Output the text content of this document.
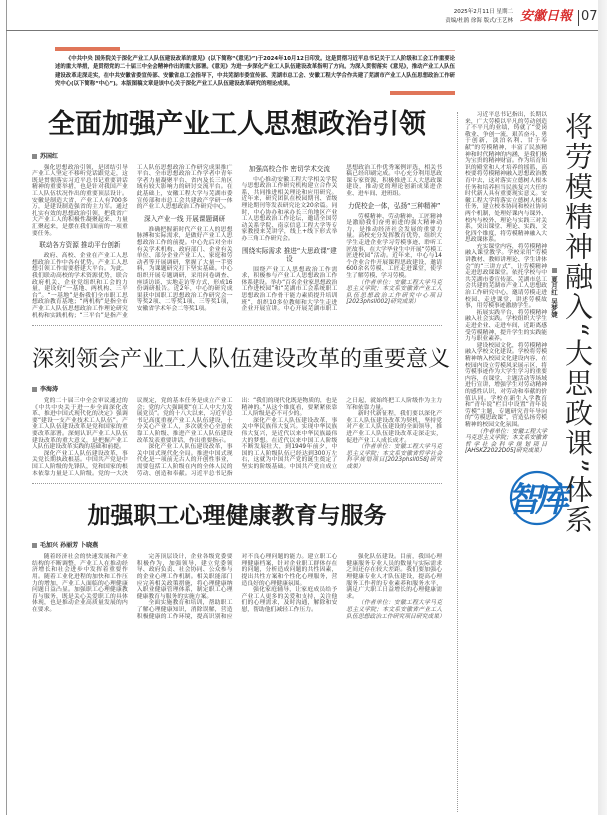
2025年2月11日 星期二
责编/杜鹃 徐海 版式/王艺林 安徽日報 07
《中共中央 国务院关于深化产业工人队伍建设改革的意见》(以下简称“《意见》”)于2024年10月12日印发。这是贯彻习近平总书记关于工人阶级和工会工作重要论述的重大举措，是贯彻党的二十届三中全会精神作出的重大部署。《意见》为进一步深化产业工人队伍建设改革指明了方向。为深入贯彻落实《意见》，推动产业工人队伍建设改革走深走实，在中共安徽省委宣传部、安徽省总工会指导下，中共芜湖市委宣传部、芜湖市总工会、安徽工程大学合作共建了芜湖市产业工人队伍思想政治工作研究中心(以下简称“中心”)。本版图稿文章是该中心关于深化产业工人队伍建设改革研究的理论成果。
全面加强产业工人思想政治引领
苏国红

强化思想政治引领，是团结引导产业工人坚定不移听党话跟党走，这既是贯彻落实习近平总书记重要讲话精神的重要举措，也是针对我国产业工人队伍状况作出的重要顶层设计。安徽是制造大省，产业工人有700多万，是建设制造强省的主力军。通过扎实有效的思想政治引领，把我省广大产业工人的积极性凝聚起来、力量汇聚起来，是摆在我们面前的一项重要任务。

联动各方资源 推动平台创新

政府、高校、企业在产业工人思想政治工作中各有优势。产业工人思想引领工作需要搭建大平台。为此，我们联动高校的学术资源优势，联合政府机关、企业党组织和工会的力量，建设好“一基地、两机构、三平台”。“一基地”是指我们全市职工思想政治教育基地；“两机构”是指全市产业工人队伍思想政治工作理论研究机构和实践机构；“三平台”是指产业工人队伍思想政治工作研究成果推广平台、全市思想政治工作学者中青年学者力量凝聚平台、省内及长三角区域有较大影响力的研讨交流平台。在此基础上，安徽工程大学与芜湖市委宣传部和市总工会共建政产学研一体的产业工人思想政治工作研究中心。

深入产业一线 开展课题调研

准确把握新时代产业工人的思想脉搏和实际需求，是做好产业工人思想政治工作的前提。中心先后对全市有关学术机构、政府部门、企业有关单位、部分企业产业工人、家庭和劳动者等开展调研，掌握了大量一手资料，为课题研究打下坚实基础。中心组织开展专题调研，采用问卷调查、座谈访谈、实地走访等方式，形成16份调研报告。近2年，中心的研究成果获中国职工思想政治工作研究会一等奖2项、二等奖1项、三等奖1项，安徽省学术年会二等奖1项。

加强高校合作 密切学术交流

中心推动安徽工程大学相关学院与思想政治工作研究机构建立合作关系，共同推进相关理论和应用研究。近年来，研究团队在校园期刊、省级理论期刊等发表研究论文20余篇。同时，中心协办和承办长三角地区产业工人思想政治工作论坛，邀请全国劳动关系学院、南京信息工程大学等专家教授来芜讲学，线上+线下形式举办三角工作研究会。

围绕实际需求 推进“大思政课”建设

围绕产业工人思想政治工作需求，积极参与产业工人思想政治工作体系建设。举办“百名企业家思想政治工作进校园”和“芜湖市工会系统职工思想政治工作骨干能力素质提升培训班”，组织10多位教师和大学生走进企业开展宣讲。中心开展芜湖市职工思想政治工作优秀案例评选，相关书稿已经印刷完成。中心充分利用思政课专家资源，积极推进工人大思政课建设，推动党的理论创新成果进企业、进车间、进班组。

力促校企一体，弘扬“三种精神”

劳模精神、劳动精神、工匠精神是激励我们奋勇前进的强大精神动力，是推动经济社会发展的重要力量。高校充分发挥教育优势，组织大学生走进企业学习劳模事迹、聆听工匠故事，在大学毕业生中开展“劳模工匠进校园”活动。近年来，中心与14个企业合作开展课程思政建设，邀请600余名劳模、工匠走进课堂，使学生了解劳模、学习劳模。

（作者单位：安徽工程大学马克思主义学院；本文系安徽省产业工人队伍思想政治工作研究中心项目[2023phsll002]研究成果）

深刻领会产业工人队伍建设改革的重要意义
李海涛

党的二十届三中全会审议通过的《中共中央关于进一步全面深化改革、推进中国式现代化的决定》强调要“建设一支产业技术工人队伍”。产业工人队伍建设改革是党和国家的重要改革部署。深刻认识产业工人队伍建设改革的重大意义，是把握产业工人队伍建设改革实践的基础和前提。

深化产业工人队伍建设改革，事关党长期执政根基。中国共产党是中国工人阶级的先锋队，党和国家的根本依靠力量是工人阶级。党的一大决议规定，党的基本任务是成立产业工会；党的六大强调要“在工人中大力发展党员”。党的十八大以来，习近平总书记高度重视产业工人队伍建设，十分关心产业工人，多次就全心全意依靠工人阶级、推进产业工人队伍建设改革发表重要讲话，作出重要指示。

深化产业工人队伍建设改革，事关中国式现代化全局。推进中国式现代化是一项前无古人的开创性事业，需要包括工人阶级在内的全体人民的劳动、创造和奉献。习近平总书记指出：“我们的现代化既是物质的，也是精神的。”从这个维度看，要紧紧依靠工人阶级是必不可少的。

深化产业工人队伍建设改革，事关中华民族伟大复兴。实现中华民族伟大复兴，是近代以来中华民族最伟大的梦想。在近代以来中国工人阶级不断发展壮大，到1949年前夕，中国的工人阶级队伍已经达到300万左右，这就为中国共产党的诞生奠定了坚实的阶级基础。中国共产党自成立之日起，就始终把工人阶级作为主力军和依靠力量。

新时代新征程，我们要以深化产业工人队伍建设改革为契机，坚持党对产业工人队伍建设的全面领导，推进产业工人队伍建设改革走深走实，促进产业工人成长成才。

（作者单位：安徽工程大学马克思主义学院；本文系安徽省哲学社会科学规划项目[2023phsll058]研究成果）

加强职工心理健康教育与服务
毛加兴 孙丽芳 卜晓燕

随着经济社会的快速发展和产业结构的不断调整，产业工人在推动经济增长和社会进步中发挥着重要作用。随着工业化进程的加快和工作压力的增加，产业工人面临的心理健康问题日益凸显。加强职工心理健康教育与服务，既是关心关爱职工的具体体现，也是推动企业高质量发展的内在要求。

完善顶层设计，企业各级党委要积极作为，加强领导，建立党委领导、政府负责、社会协同、公众参与的企业心理工作机制。相关职能部门应完善相关政策措施，将心理健康纳入职业健康管理体系，制定职工心理健康教育与服务的实施方案。

全面实施教育和培训，帮助职工了解心理健康知识，消除误解，营造积极健康的工作环境，提高识别和应对不良心理问题的能力。建立职工心理健康档案，针对企业职工群体存在的问题，分析造成问题的共性因素，提出共性方案和个性化心理服务，营造良好的心理健康氛围。

强化家庭辅导，让家庭成员给予产业工人更多的关爱和支持，关注他们的心理需求，及时沟通，解除和安慰，帮助他们减轻工作压力。

强化队伍建设。目前，我国心理健康服务专业人员的数量与实际需求之间还存在较大差距。我们要加强心理健康专业人才队伍建设，提高心理服务工作者的专业素养和服务水平，满足广大职工日益增长的心理健康需求。

（作者单位：安徽工程大学马克思主义学院；本文系安徽省产业工人队伍思想政治工作研究项目研究成果）

习近平总书记指出，长期以来，广大劳模以平凡的劳动创造了不平凡的业绩，铸就了“爱岗敬业、争创一流，艰苦奋斗、勇于创新，淡泊名利、甘于奉献”的劳模精神，丰富了民族精神和时代精神的内涵，是我们极为宝贵的精神财富。作为培育知识的殿堂和人才培养的摇篮，高校要将劳模精神融入思想政治教育中去，这对落实立德树人根本任务和培养担当民族复兴大任的时代新人具有重要现实意义。安徽工程大学将落实立德树人根本任务，建立校本协同和校社协同两个机制，处理好课内与课外、校内与校外、理论与实践三对关系，突出课堂、理论、实践、文化四个维度，将劳模精神融入大思政课体系。

充实课堂内容，将劳模精神融入课堂教学。学校采用“劳模讲教材、教师讲理论、学生讲体会”的“三讲方式”，让劳模精神走进思政课课堂。依托学校与中共芜湖市委宣传部、芜湖市总工会共建的芜湖市产业工人思想政治工作研究中心，邀请劳模走进校园、走进课堂，讲述劳模故事，用劳模事迹激励学生。

拓展实践平台，将劳模精神融入社会实践。学校组织大学生走进企业、走进车间，近距离感受劳模精神，提升学生的实践能力与职业素养。

建设校园文化，将劳模精神融入学校文化建设。学校将劳模精神纳入校园文化建设内容，在校园内设立劳模风采展示区，将劳模事迹作为大学生学习的重要内容，在课堂、主题活动等场域进行宣讲，增强学生对劳动精神的感性认识，对劳动和奉献的价值认同。学校在新生入学教育和“青年说”栏目中设置“青年说劳模”主题，专题研究青年导向的“劳模思政课”，营造弘扬劳模精神的校园文化氛围。

（作者单位：安徽工程大学马克思主义学院；本文系安徽省哲学社会科学规划项目[AHSKZ2022D05]研究成果）

智库
将劳模精神融入“大思政课”体系
夏月红 吴梦婕
